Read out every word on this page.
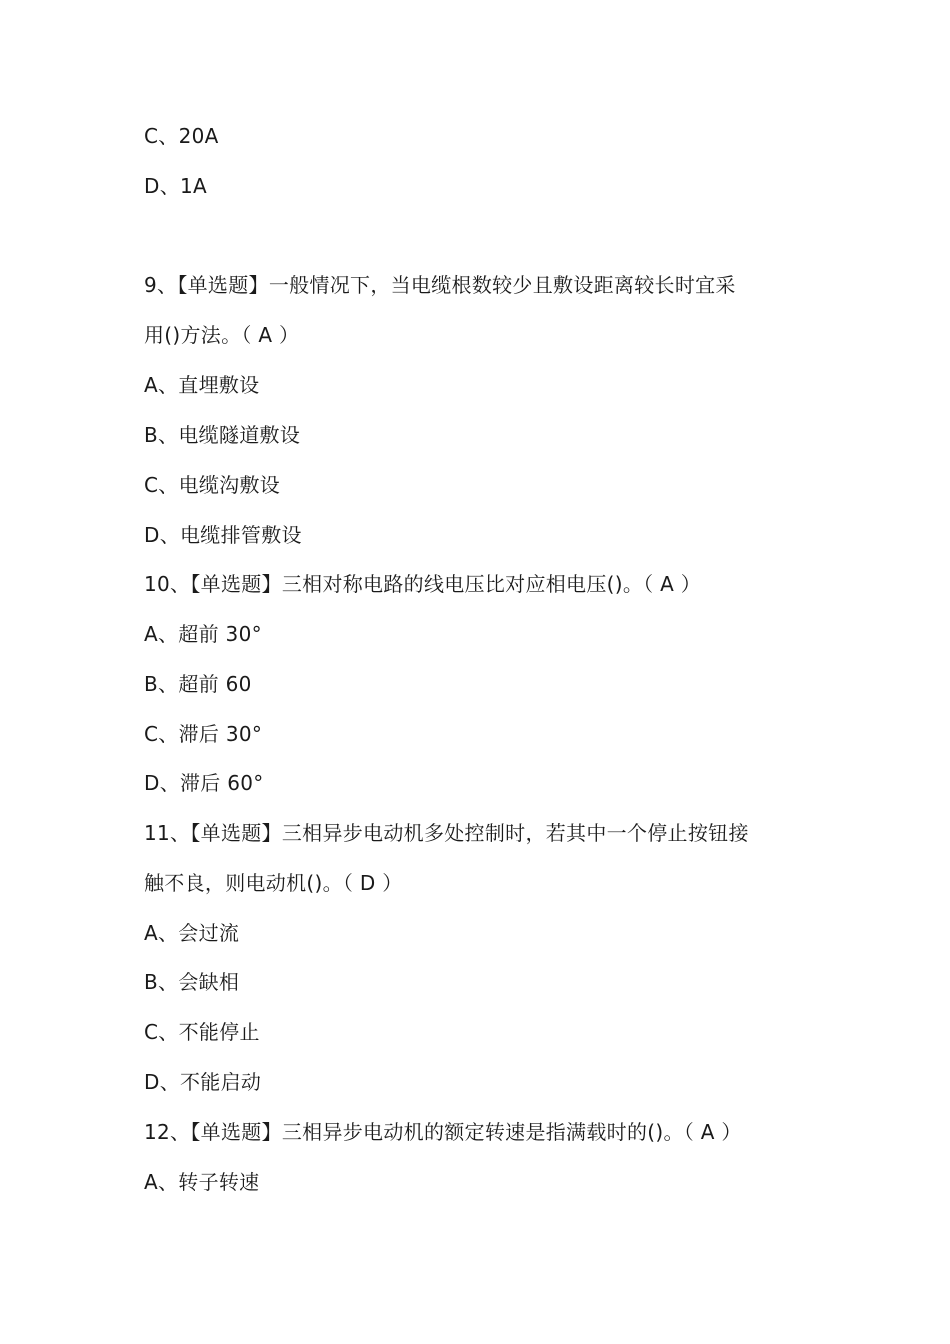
C、20A
D、1A
9、【单选题】一般情况下，当电缆根数较少且敷设距离较长时宜采
用()方法。（ A ）
A、直埋敷设
B、电缆隧道敷设
C、电缆沟敷设
D、电缆排管敷设
10、【单选题】三相对称电路的线电压比对应相电压()。（ A ）
A、超前 30°
B、超前 60
C、滞后 30°
D、滞后 60°
11、【单选题】三相异步电动机多处控制时，若其中一个停止按钮接
触不良，则电动机()。（ D ）
A、会过流
B、会缺相
C、不能停止
D、不能启动
12、【单选题】三相异步电动机的额定转速是指满载时的()。（ A ）
A、转子转速
